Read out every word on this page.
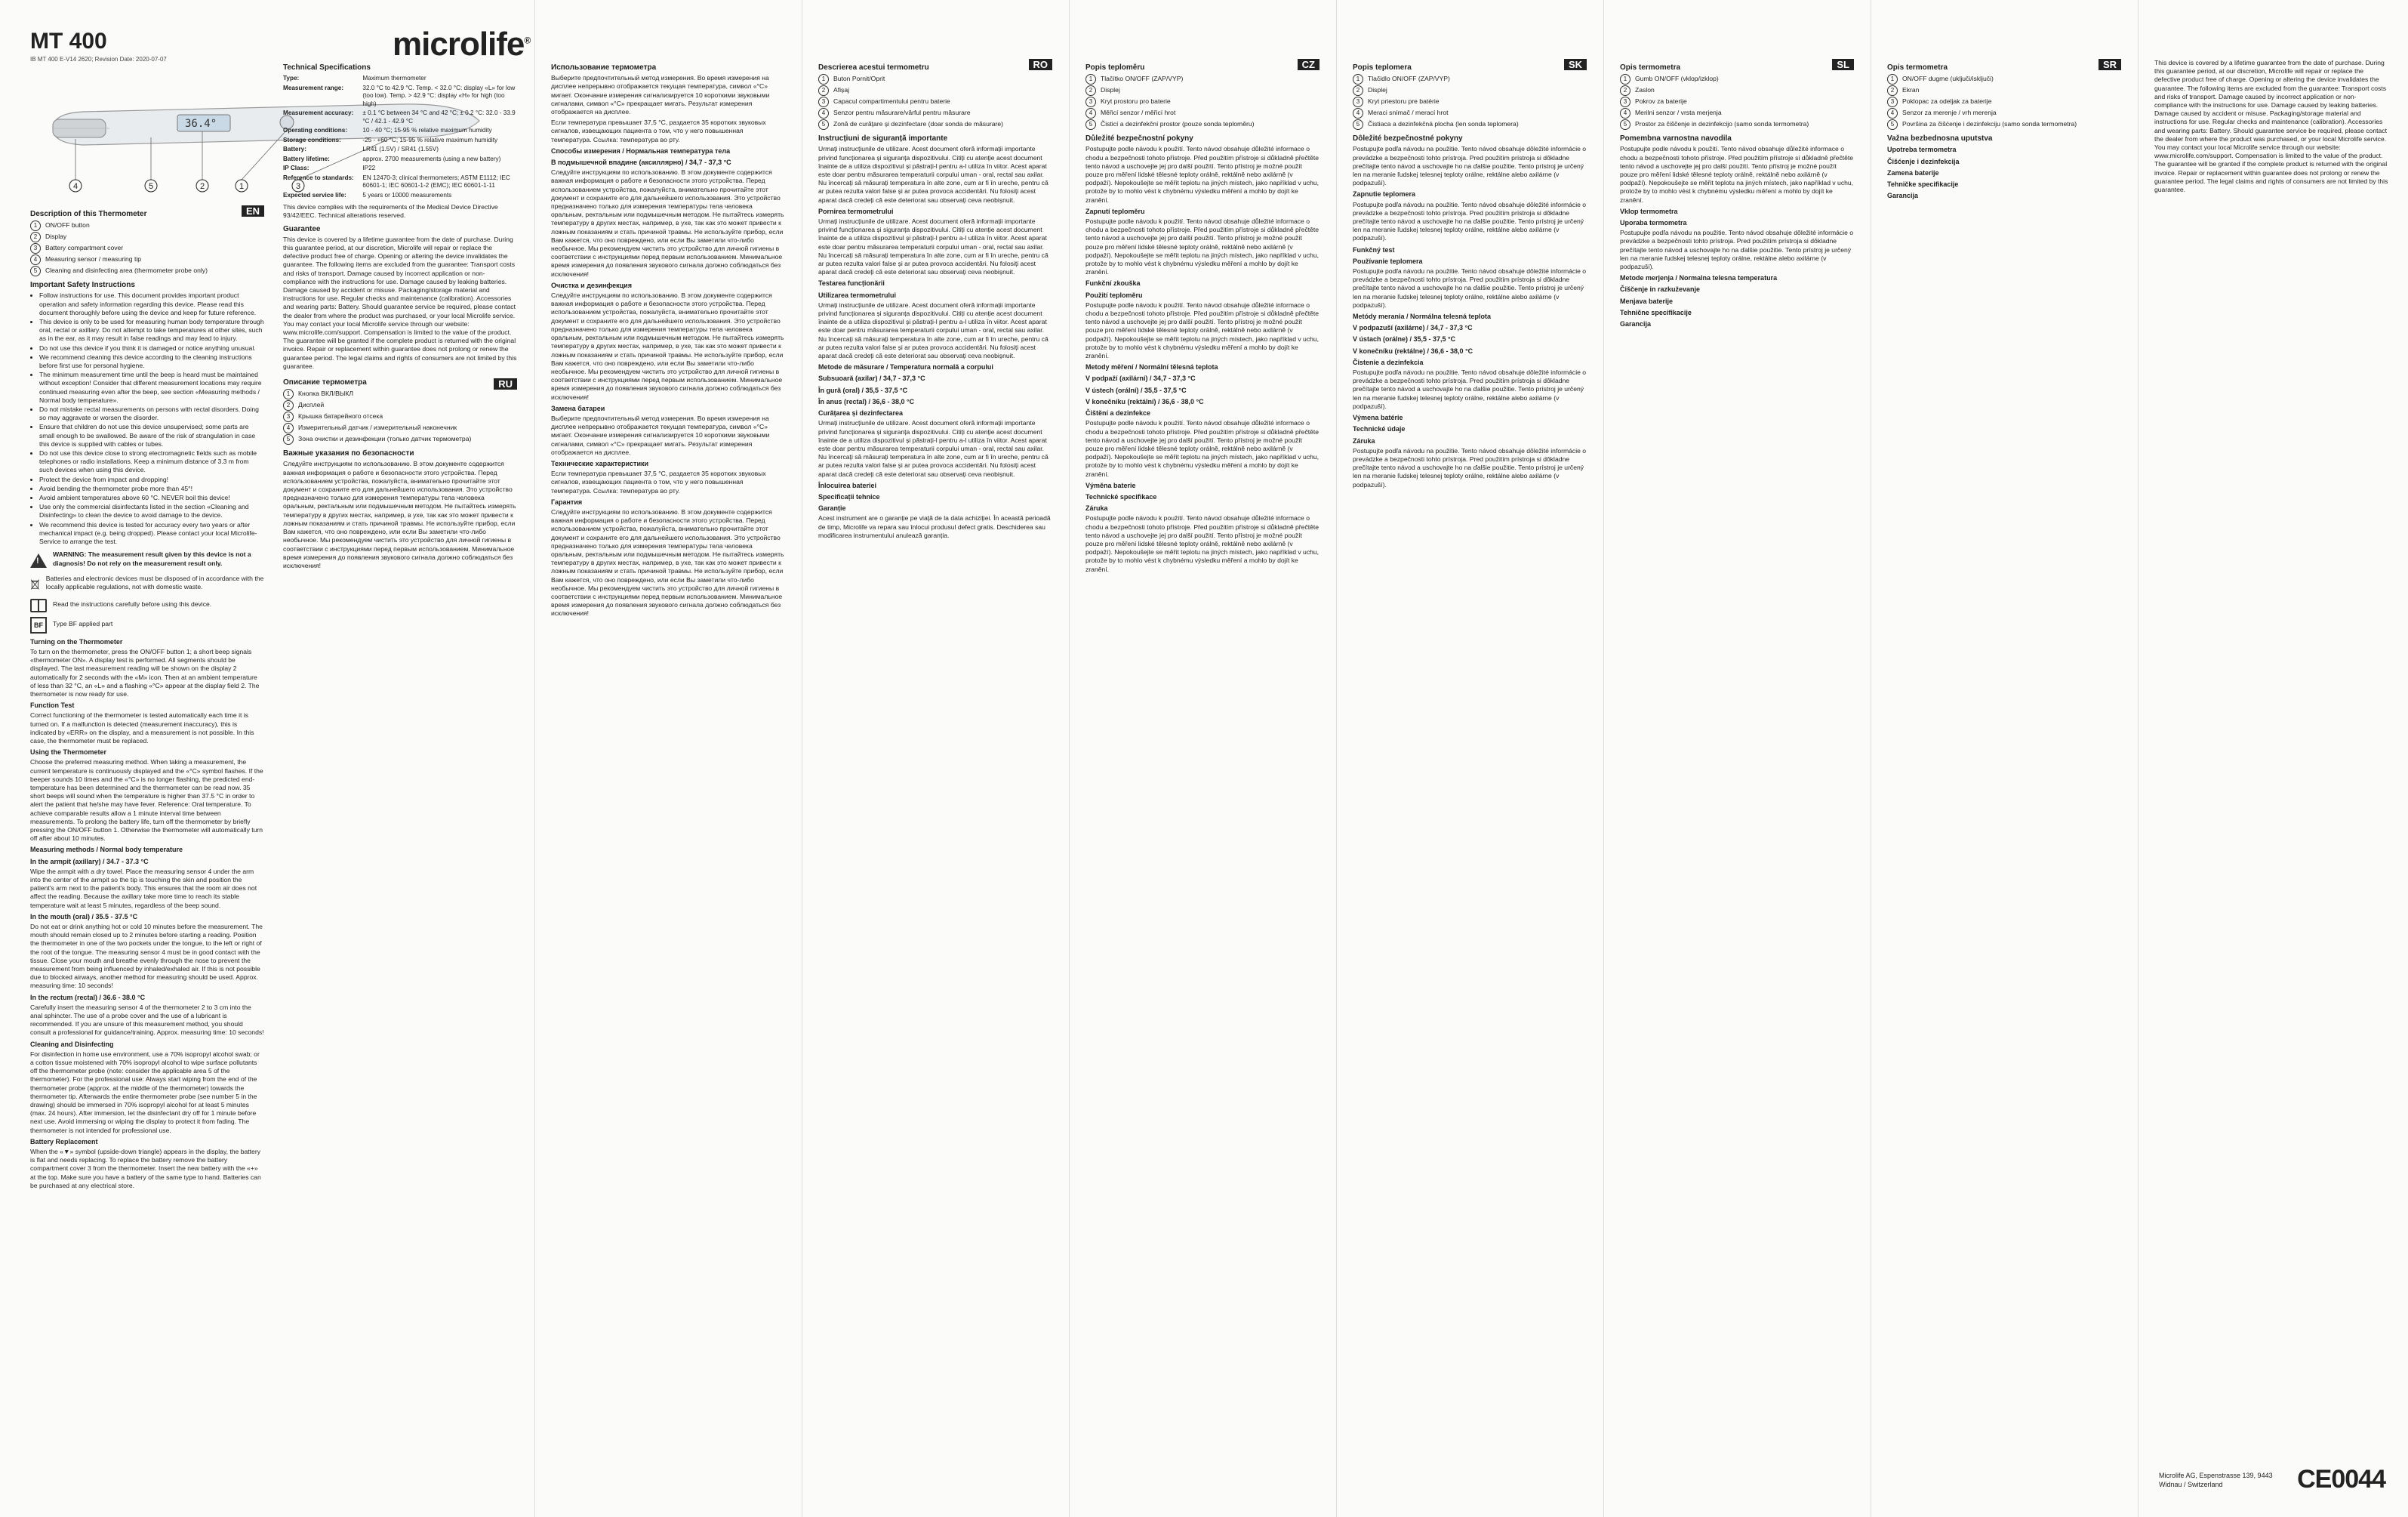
MT 400
IB MT 400 E-V14 2620; Revision Date: 2020-07-07	microlife®
36.4°
4	5	2	1	3
EN
Description of this Thermometer
1 ON/OFF button
2 Display
3 Battery compartment cover
4 Measuring sensor / measuring tip
5 Cleaning and disinfecting area (thermometer probe only)
Important Safety Instructions
• Follow instructions for use. This document provides important product operation and safety information regarding this device. Please read this document thoroughly before using the device and keep for future reference.
• This device is only to be used for measuring human body temperature through oral, rectal or axillary. Do not attempt to take temperatures at other sites, such as in the ear, as it may result in false readings and may lead to injury.
• Do not use this device if you think it is damaged or notice anything unusual.
• We recommend cleaning this device according to the cleaning instructions before first use for personal hygiene.
• The minimum measurement time until the beep is heard must be maintained without exception! Consider that different measurement locations may require continued measuring even after the beep, see section «Measuring methods / Normal body temperature».
• Do not mistake rectal measurements on persons with rectal disorders. Doing so may aggravate or worsen the disorder.
• Ensure that children do not use this device unsupervised; some parts are small enough to be swallowed. Be aware of the risk of strangulation in case this device is supplied with cables or tubes.
• Do not use this device close to strong electromagnetic fields such as mobile telephones or radio installations. Keep a minimum distance of 3.3 m from such devices when using this device.
• Protect the device from impact and dropping!
• Avoid bending the thermometer probe more than 45°!
• Avoid ambient temperatures above 60 °C. NEVER boil this device!
• Use only the commercial disinfectants listed in the section «Cleaning and Disinfecting» to clean the device to avoid damage to the device.
• We recommend this device is tested for accuracy every two years or after mechanical impact (e.g. being dropped). Please contact your local Microlife-Service to arrange the test.
!

WARNING: The measurement result given by this device is not a diagnosis! Do not rely on the measurement result only.

Batteries and electronic devices must be disposed of in accordance with the locally applicable regulations, not with domestic waste.

Read the instructions carefully before using this device.

BF	Type BF applied part

Turning on the Thermometer

To turn on the thermometer, press the ON/OFF button 1; a short beep signals «thermometer ON». A display test is performed. All segments should be displayed. The last measurement reading will be shown on the display 2 automatically for 2 seconds with the «M» icon. Then at an ambient temperature of less than 32 °C, an «L» and a flashing «°C» appear at the display field 2. The thermometer is now ready for use.

Function Test

Correct functioning of the thermometer is tested automatically each time it is turned on. If a malfunction is detected (measurement inaccuracy), this is indicated by «ERR» on the display, and a measurement is not possible. In this case, the thermometer must be replaced.

Using the Thermometer

Choose the preferred measuring method. When taking a measurement, the current temperature is continuously displayed and the «°C» symbol flashes. If the beeper sounds 10 times and the «°C» is no longer flashing, the predicted end-temperature has been determined and the thermometer can be read now. 35 short beeps will sound when the temperature is higher than 37.5 °C in order to alert the patient that he/she may have fever. Reference: Oral temperature. To achieve comparable results allow a 1 minute interval time between measurements. To prolong the battery life, turn off the thermometer by briefly pressing the ON/OFF button 1. Otherwise the thermometer will automatically turn off after about 10 minutes.

Measuring methods / Normal body temperature
In the armpit (axillary) / 34.7 - 37.3 °C

Wipe the armpit with a dry towel. Place the measuring sensor 4 under the arm into the center of the armpit so the tip is touching the skin and position the patient's arm next to the patient's body. This ensures that the room air does not affect the reading. Because the axillary take more time to reach its stable temperature wait at least 5 minutes, regardless of the beep sound.

In the mouth (oral) / 35.5 - 37.5 °C

Do not eat or drink anything hot or cold 10 minutes before the measurement. The mouth should remain closed up to 2 minutes before starting a reading. Position the thermometer in one of the two pockets under the tongue, to the left or right of the root of the tongue. The measuring sensor 4 must be in good contact with the tissue. Close your mouth and breathe evenly through the nose to prevent the measurement from being influenced by inhaled/exhaled air. If this is not possible due to blocked airways, another method for measuring should be used. Approx. measuring time: 10 seconds!

In the rectum (rectal) / 36.6 - 38.0 °C

Carefully insert the measuring sensor 4 of the thermometer 2 to 3 cm into the anal sphincter. The use of a probe cover and the use of a lubricant is recommended. If you are unsure of this measurement method, you should consult a professional for guidance/training. Approx. measuring time: 10 seconds!

Cleaning and Disinfecting

For disinfection in home use environment, use a 70% isopropyl alcohol swab; or a cotton tissue moistened with 70% isopropyl alcohol to wipe surface pollutants off the thermometer probe (note: consider the applicable area 5 of the thermometer). For the professional use: Always start wiping from the end of the thermometer probe (approx. at the middle of the thermometer) towards the thermometer tip. Afterwards the entire thermometer probe (see number 5 in the drawing) should be immersed in 70% isopropyl alcohol for at least 5 minutes (max. 24 hours). After immersion, let the disinfectant dry off for 1 minute before next use. Avoid immersing or wiping the display to protect it from fading. The thermometer is not intended for professional use.

Battery Replacement

When the «▼» symbol (upside-down triangle) appears in the display, the battery is flat and needs replacing. To replace the battery remove the battery compartment cover 3 from the thermometer. Insert the new battery with the «+» at the top. Make sure you have a battery of the same type to hand. Batteries can be purchased at any electrical store.

Technical Specifications
Type:	Maximum thermometer
Measurement range:	32.0 °C to 42.9 °C. Temp. < 32.0 °C: display «L» for low (too low). Temp. > 42.9 °C: display «H» for high (too high)
Measurement accuracy:	± 0.1 °C between 34 °C and 42 °C; ± 0.2 °C: 32.0 - 33.9 °C / 42.1 - 42.9 °C
Operating conditions:	10 - 40 °C; 15-95 % relative maximum humidity
Storage conditions:	-25 - +60 °C; 15-95 % relative maximum humidity
Battery:	LR41 (1.5V) / SR41 (1.55V)
Battery lifetime:	approx. 2700 measurements (using a new battery)
IP Class:	IP22
Reference to standards:	EN 12470-3; clinical thermometers; ASTM E1112; IEC 60601-1; IEC 60601-1-2 (EMC); IEC 60601-1-11
Expected service life:	5 years or 10000 measurements

This device complies with the requirements of the Medical Device Directive 93/42/EEC. Technical alterations reserved.

Guarantee

This device is covered by a lifetime guarantee from the date of purchase. During this guarantee period, at our discretion, Microlife will repair or replace the defective product free of charge. Opening or altering the device invalidates the guarantee. The following items are excluded from the guarantee: Transport costs and risks of transport. Damage caused by incorrect application or non-compliance with the instructions for use. Damage caused by leaking batteries. Damage caused by accident or misuse. Packaging/storage material and instructions for use. Regular checks and maintenance (calibration). Accessories and wearing parts: Battery. Should guarantee service be required, please contact the dealer from where the product was purchased, or your local Microlife service. You may contact your local Microlife service through our website: www.microlife.com/support. Compensation is limited to the value of the product. The guarantee will be granted if the complete product is returned with the original invoice. Repair or replacement within guarantee does not prolong or renew the guarantee period. The legal claims and rights of consumers are not limited by this guarantee.

RU
Описание термометра
1 Кнопка ВКЛ/ВЫКЛ
2 Дисплей
3 Крышка батарейного отсека
4 Измерительный датчик / измерительный наконечник
5 Зона очистки и дезинфекции (только датчик термометра)
Важные указания по безопасности

Следуйте инструкциям по использованию. В этом документе содержится важная информация о работе и безопасности этого устройства. Перед использованием устройства, пожалуйста, внимательно прочитайте этот документ и сохраните его для дальнейшего использования. Это устройство предназначено только для измерения температуры тела человека оральным, ректальным или подмышечным методом. Не пытайтесь измерять температуру в других местах, например, в ухе, так как это может привести к ложным показаниям и стать причиной травмы. Не используйте прибор, если Вам кажется, что оно повреждено, или если Вы заметили что-либо необычное. Мы рекомендуем чистить это устройство для личной гигиены в соответствии с инструкциями перед первым использованием. Минимальное время измерения до появления звукового сигнала должно соблюдаться без исключения!

Использование термометра

Выберите предпочтительный метод измерения. Во время измерения на дисплее непрерывно отображается текущая температура, символ «°C» мигает. Окончание измерения сигнализируется 10 короткими звуковыми сигналами, символ «°C» прекращает мигать. Результат измерения отображается на дисплее.

Если температура превышает 37,5 °C, раздается 35 коротких звуковых сигналов, извещающих пациента о том, что у него повышенная температура. Ссылка: температура во рту.

Способы измерения / Нормальная температура тела
В подмышечной впадине (аксиллярно) / 34,7 - 37,3 °C

Следуйте инструкциям по использованию. В этом документе содержится важная информация о работе и безопасности этого устройства. Перед использованием устройства, пожалуйста, внимательно прочитайте этот документ и сохраните его для дальнейшего использования. Это устройство предназначено только для измерения температуры тела человека оральным, ректальным или подмышечным методом. Не пытайтесь измерять температуру в других местах, например, в ухе, так как это может привести к ложным показаниям и стать причиной травмы. Не используйте прибор, если Вам кажется, что оно повреждено, или если Вы заметили что-либо необычное. Мы рекомендуем чистить это устройство для личной гигиены в соответствии с инструкциями перед первым использованием. Минимальное время измерения до появления звукового сигнала должно соблюдаться без исключения!

Очистка и дезинфекция

Следуйте инструкциям по использованию. В этом документе содержится важная информация о работе и безопасности этого устройства. Перед использованием устройства, пожалуйста, внимательно прочитайте этот документ и сохраните его для дальнейшего использования. Это устройство предназначено только для измерения температуры тела человека оральным, ректальным или подмышечным методом. Не пытайтесь измерять температуру в других местах, например, в ухе, так как это может привести к ложным показаниям и стать причиной травмы. Не используйте прибор, если Вам кажется, что оно повреждено, или если Вы заметили что-либо необычное. Мы рекомендуем чистить это устройство для личной гигиены в соответствии с инструкциями перед первым использованием. Минимальное время измерения до появления звукового сигнала должно соблюдаться без исключения!

Замена батареи

Выберите предпочтительный метод измерения. Во время измерения на дисплее непрерывно отображается текущая температура, символ «°C» мигает. Окончание измерения сигнализируется 10 короткими звуковыми сигналами, символ «°C» прекращает мигать. Результат измерения отображается на дисплее.

Технические характеристики

Если температура превышает 37,5 °C, раздается 35 коротких звуковых сигналов, извещающих пациента о том, что у него повышенная температура. Ссылка: температура во рту.

Гарантия

Следуйте инструкциям по использованию. В этом документе содержится важная информация о работе и безопасности этого устройства. Перед использованием устройства, пожалуйста, внимательно прочитайте этот документ и сохраните его для дальнейшего использования. Это устройство предназначено только для измерения температуры тела человека оральным, ректальным или подмышечным методом. Не пытайтесь измерять температуру в других местах, например, в ухе, так как это может привести к ложным показаниям и стать причиной травмы. Не используйте прибор, если Вам кажется, что оно повреждено, или если Вы заметили что-либо необычное. Мы рекомендуем чистить это устройство для личной гигиены в соответствии с инструкциями перед первым использованием. Минимальное время измерения до появления звукового сигнала должно соблюдаться без исключения!

RO
Descrierea acestui termometru
1 Buton Pornit/Oprit
2 Afișaj
3 Capacul compartimentului pentru baterie
4 Senzor pentru măsurare/vârful pentru măsurare
5 Zonă de curățare și dezinfectare (doar sonda de măsurare)
Instrucțiuni de siguranță importante

Urmați instrucțiunile de utilizare. Acest document oferă informații importante privind funcționarea și siguranța dispozitivului. Citiți cu atenție acest document înainte de a utiliza dispozitivul și păstrați-l pentru a-l utiliza în viitor. Acest aparat este doar pentru măsurarea temperaturii corpului uman - oral, rectal sau axilar. Nu încercați să măsurați temperatura în alte zone, cum ar fi în ureche, pentru că ar putea rezulta valori false și ar putea provoca accidentări. Nu folosiți acest aparat dacă credeți că este deteriorat sau observați ceva neobișnuit.

Pornirea termometrului

Urmați instrucțiunile de utilizare. Acest document oferă informații importante privind funcționarea și siguranța dispozitivului. Citiți cu atenție acest document înainte de a utiliza dispozitivul și păstrați-l pentru a-l utiliza în viitor. Acest aparat este doar pentru măsurarea temperaturii corpului uman - oral, rectal sau axilar. Nu încercați să măsurați temperatura în alte zone, cum ar fi în ureche, pentru că ar putea rezulta valori false și ar putea provoca accidentări. Nu folosiți acest aparat dacă credeți că este deteriorat sau observați ceva neobișnuit.

Testarea funcționării
Utilizarea termometrului

Urmați instrucțiunile de utilizare. Acest document oferă informații importante privind funcționarea și siguranța dispozitivului. Citiți cu atenție acest document înainte de a utiliza dispozitivul și păstrați-l pentru a-l utiliza în viitor. Acest aparat este doar pentru măsurarea temperaturii corpului uman - oral, rectal sau axilar. Nu încercați să măsurați temperatura în alte zone, cum ar fi în ureche, pentru că ar putea rezulta valori false și ar putea provoca accidentări. Nu folosiți acest aparat dacă credeți că este deteriorat sau observați ceva neobișnuit.

Metode de măsurare / Temperatura normală a corpului
Subsuoară (axilar) / 34,7 - 37,3 °C
În gură (oral) / 35,5 - 37,5 °C
În anus (rectal) / 36,6 - 38,0 °C
Curățarea și dezinfectarea

Urmați instrucțiunile de utilizare. Acest document oferă informații importante privind funcționarea și siguranța dispozitivului. Citiți cu atenție acest document înainte de a utiliza dispozitivul și păstrați-l pentru a-l utiliza în viitor. Acest aparat este doar pentru măsurarea temperaturii corpului uman - oral, rectal sau axilar. Nu încercați să măsurați temperatura în alte zone, cum ar fi în ureche, pentru că ar putea rezulta valori false și ar putea provoca accidentări. Nu folosiți acest aparat dacă credeți că este deteriorat sau observați ceva neobișnuit.

Înlocuirea bateriei
Specificații tehnice
Garanție

Acest instrument are o garanție pe viață de la data achiziției. În această perioadă de timp, Microlife va repara sau înlocui produsul defect gratis. Deschiderea sau modificarea instrumentului anulează garanția.

CZ
Popis teploměru
1 Tlačítko ON/OFF (ZAP/VYP)
2 Displej
3 Kryt prostoru pro baterie
4 Měřicí senzor / měřicí hrot
5 Čisticí a dezinfekční prostor (pouze sonda teploměru)
Důležité bezpečnostní pokyny

Postupujte podle návodu k použití. Tento návod obsahuje důležité informace o chodu a bezpečnosti tohoto přístroje. Před použitím přístroje si důkladně přečtěte tento návod a uschovejte jej pro další použití. Tento přístroj je možné použít pouze pro měření lidské tělesné teploty orálně, rektálně nebo axilárně (v podpaží). Nepokoušejte se měřit teplotu na jiných místech, jako například v uchu, protože by to mohlo vést k chybnému výsledku měření a mohlo by dojít ke zranění.

Zapnutí teploměru

Postupujte podle návodu k použití. Tento návod obsahuje důležité informace o chodu a bezpečnosti tohoto přístroje. Před použitím přístroje si důkladně přečtěte tento návod a uschovejte jej pro další použití. Tento přístroj je možné použít pouze pro měření lidské tělesné teploty orálně, rektálně nebo axilárně (v podpaží). Nepokoušejte se měřit teplotu na jiných místech, jako například v uchu, protože by to mohlo vést k chybnému výsledku měření a mohlo by dojít ke zranění.

Funkční zkouška
Použití teploměru

Postupujte podle návodu k použití. Tento návod obsahuje důležité informace o chodu a bezpečnosti tohoto přístroje. Před použitím přístroje si důkladně přečtěte tento návod a uschovejte jej pro další použití. Tento přístroj je možné použít pouze pro měření lidské tělesné teploty orálně, rektálně nebo axilárně (v podpaží). Nepokoušejte se měřit teplotu na jiných místech, jako například v uchu, protože by to mohlo vést k chybnému výsledku měření a mohlo by dojít ke zranění.

Metody měření / Normální tělesná teplota
V podpaží (axilární) / 34,7 - 37,3 °C
V ústech (orální) / 35,5 - 37,5 °C
V konečníku (rektální) / 36,6 - 38,0 °C
Čištění a dezinfekce

Postupujte podle návodu k použití. Tento návod obsahuje důležité informace o chodu a bezpečnosti tohoto přístroje. Před použitím přístroje si důkladně přečtěte tento návod a uschovejte jej pro další použití. Tento přístroj je možné použít pouze pro měření lidské tělesné teploty orálně, rektálně nebo axilárně (v podpaží). Nepokoušejte se měřit teplotu na jiných místech, jako například v uchu, protože by to mohlo vést k chybnému výsledku měření a mohlo by dojít ke zranění.

Výměna baterie
Technické specifikace
Záruka

Postupujte podle návodu k použití. Tento návod obsahuje důležité informace o chodu a bezpečnosti tohoto přístroje. Před použitím přístroje si důkladně přečtěte tento návod a uschovejte jej pro další použití. Tento přístroj je možné použít pouze pro měření lidské tělesné teploty orálně, rektálně nebo axilárně (v podpaží). Nepokoušejte se měřit teplotu na jiných místech, jako například v uchu, protože by to mohlo vést k chybnému výsledku měření a mohlo by dojít ke zranění.

SK
Popis teplomera
1 Tlačidlo ON/OFF (ZAP/VYP)
2 Displej
3 Kryt priestoru pre batérie
4 Meraci snímač / merací hrot
5 Čistiaca a dezinfekčná plocha (len sonda teplomera)
Dôležité bezpečnostné pokyny

Postupujte podľa návodu na použitie. Tento návod obsahuje dôležité informácie o prevádzke a bezpečnosti tohto prístroja. Pred použitím prístroja si dôkladne prečítajte tento návod a uschovajte ho na ďalšie použitie. Tento prístroj je určený len na meranie ľudskej telesnej teploty orálne, rektálne alebo axilárne (v podpazuší).

Zapnutie teplomera

Postupujte podľa návodu na použitie. Tento návod obsahuje dôležité informácie o prevádzke a bezpečnosti tohto prístroja. Pred použitím prístroja si dôkladne prečítajte tento návod a uschovajte ho na ďalšie použitie. Tento prístroj je určený len na meranie ľudskej telesnej teploty orálne, rektálne alebo axilárne (v podpazuší).

Funkčný test
Používanie teplomera

Postupujte podľa návodu na použitie. Tento návod obsahuje dôležité informácie o prevádzke a bezpečnosti tohto prístroja. Pred použitím prístroja si dôkladne prečítajte tento návod a uschovajte ho na ďalšie použitie. Tento prístroj je určený len na meranie ľudskej telesnej teploty orálne, rektálne alebo axilárne (v podpazuší).

Metódy merania / Normálna telesná teplota
V podpazuší (axilárne) / 34,7 - 37,3 °C
V ústach (orálne) / 35,5 - 37,5 °C
V konečníku (rektálne) / 36,6 - 38,0 °C
Čistenie a dezinfekcia

Postupujte podľa návodu na použitie. Tento návod obsahuje dôležité informácie o prevádzke a bezpečnosti tohto prístroja. Pred použitím prístroja si dôkladne prečítajte tento návod a uschovajte ho na ďalšie použitie. Tento prístroj je určený len na meranie ľudskej telesnej teploty orálne, rektálne alebo axilárne (v podpazuší).

Výmena batérie
Technické údaje
Záruka

Postupujte podľa návodu na použitie. Tento návod obsahuje dôležité informácie o prevádzke a bezpečnosti tohto prístroja. Pred použitím prístroja si dôkladne prečítajte tento návod a uschovajte ho na ďalšie použitie. Tento prístroj je určený len na meranie ľudskej telesnej teploty orálne, rektálne alebo axilárne (v podpazuší).

SL
Opis termometra
1 Gumb ON/OFF (vklop/izklop)
2 Zaslon
3 Pokrov za baterije
4 Merilni senzor / vrsta merjenja
5 Prostor za čiščenje in dezinfekcijo (samo sonda termometra)
Pomembna varnostna navodila

Postupujte podle návodu k použití. Tento návod obsahuje důležité informace o chodu a bezpečnosti tohoto přístroje. Před použitím přístroje si důkladně přečtěte tento návod a uschovejte jej pro další použití. Tento přístroj je možné použít pouze pro měření lidské tělesné teploty orálně, rektálně nebo axilárně (v podpaží). Nepokoušejte se měřit teplotu na jiných místech, jako například v uchu, protože by to mohlo vést k chybnému výsledku měření a mohlo by dojít ke zranění.

Vklop termometra
Uporaba termometra

Postupujte podľa návodu na použitie. Tento návod obsahuje dôležité informácie o prevádzke a bezpečnosti tohto prístroja. Pred použitím prístroja si dôkladne prečítajte tento návod a uschovajte ho na ďalšie použitie. Tento prístroj je určený len na meranie ľudskej telesnej teploty orálne, rektálne alebo axilárne (v podpazuší).

Metode merjenja / Normalna telesna temperatura
Čiščenje in razkuževanje
Menjava baterije
Tehnične specifikacije
Garancija
SR
Opis termometra
1 ON/OFF dugme (uključi/isključi)
2 Ekran
3 Poklopac za odeljak za baterije
4 Senzor za merenje / vrh merenja
5 Površina za čišćenje i dezinfekciju (samo sonda termometra)
Važna bezbednosna uputstva
Upotreba termometra
Čišćenje i dezinfekcija
Zamena baterije
Tehničke specifikacije
Garancija

This device is covered by a lifetime guarantee from the date of purchase. During this guarantee period, at our discretion, Microlife will repair or replace the defective product free of charge. Opening or altering the device invalidates the guarantee. The following items are excluded from the guarantee: Transport costs and risks of transport. Damage caused by incorrect application or non-compliance with the instructions for use. Damage caused by leaking batteries. Damage caused by accident or misuse. Packaging/storage material and instructions for use. Regular checks and maintenance (calibration). Accessories and wearing parts: Battery. Should guarantee service be required, please contact the dealer from where the product was purchased, or your local Microlife service. You may contact your local Microlife service through our website: www.microlife.com/support. Compensation is limited to the value of the product. The guarantee will be granted if the complete product is returned with the original invoice. Repair or replacement within guarantee does not prolong or renew the guarantee period. The legal claims and rights of consumers are not limited by this guarantee.

Microlife AG, Espenstrasse 139, 9443 Widnau / Switzerland	CE0044
